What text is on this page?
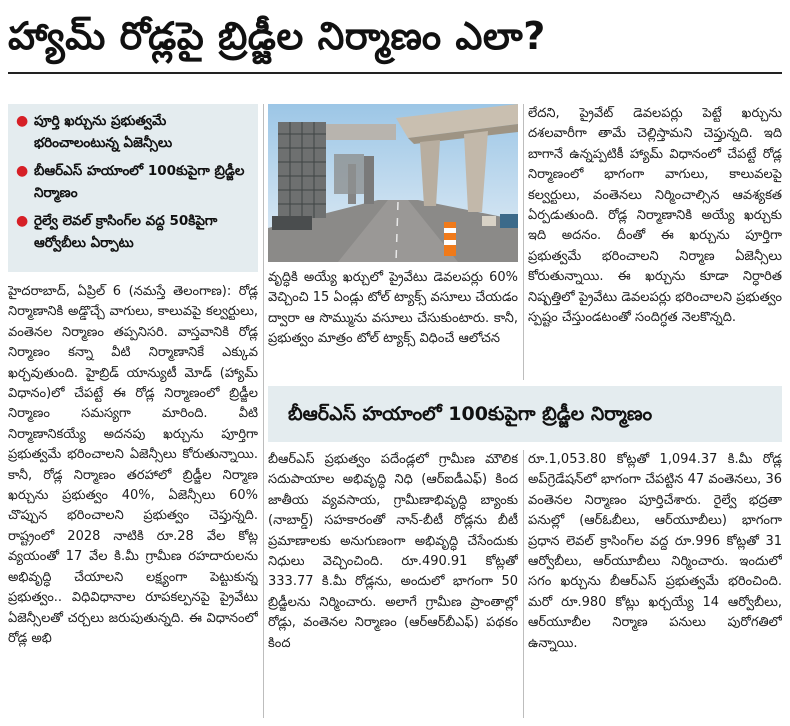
హ్యామ్ రోడ్లపై బ్రిడ్జీల నిర్మాణం ఎలా?
● పూర్తి ఖర్చును ప్రభుత్వమే భరించాలంటున్న ఏజెన్సీలు
● బీఆర్ఎస్ హయాంలో 100కుపైగా బ్రిడ్జీల నిర్మాణం
● రైల్వే లెవల్ క్రాసింగ్‌ల వద్ద 50కిపైగా ఆర్వోబీలు ఏర్పాటు

హైదరాబాద్, ఏప్రిల్ 6 (నమస్తే తెలంగాణ): రోడ్ల నిర్మాణానికి అడ్డొచ్చే వాగులు, కాలువపై కల్వర్టులు, వంతెనల నిర్మాణం తప్పనిసరి. వాస్తవానికి రోడ్ల నిర్మాణం కన్నా వీటి నిర్మాణానికే ఎక్కువ ఖర్చవుతుంది. హైబ్రిడ్ యాన్యుటీ మోడ్ (హ్యామ్ విధానం)లో చేపట్టే ఈ రోడ్ల నిర్మాణంలో బ్రిడ్జీల నిర్మాణం సమస్యగా మారింది. వీటి నిర్మాణానికయ్యే అదనపు ఖర్చును పూర్తిగా ప్రభుత్వమే భరించాలని ఏజెన్సీలు కోరుతున్నాయి. కానీ, రోడ్ల నిర్మాణం తరహాలో బ్రిడ్జీల నిర్మాణ ఖర్చును ప్రభుత్వం 40%, ఏజెన్సీలు 60% చొప్పున భరించాలని ప్రభుత్వం చెప్తున్నది. రాష్ట్రంలో 2028 నాటికి రూ.28 వేల కోట్ల వ్యయంతో 17 వేల కి.మీ గ్రామీణ రహదారులను అభివృద్ధి చేయాలని లక్ష్యంగా పెట్టుకున్న ప్రభుత్వం.. విధివిధానాల రూపకల్పనపై ప్రైవేటు ఏజెన్సీలతో చర్చలు జరుపుతున్నది. ఈ విధానంలో రోడ్ల అభి

వృద్ధికి అయ్యే ఖర్చులో ప్రైవేటు డెవలపర్లు 60% వెచ్చించి 15 ఏండ్లు టోల్ ట్యాక్స్ వసూలు చేయడం ద్వారా ఆ సొమ్మును వసూలు చేసుకుంటారు. కానీ, ప్రభుత్వం మాత్రం టోల్ ట్యాక్స్ విధించే ఆలోచన

లేదని, ప్రైవేట్ డెవలపర్లు పెట్టే ఖర్చును దశలవారీగా తామే చెల్లిస్తామని చెప్తున్నది. ఇది బాగానే ఉన్నప్పటికీ హ్యామ్ విధానంలో చేపట్టే రోడ్ల నిర్మాణంలో భాగంగా వాగులు, కాలువలపై కల్వర్టులు, వంతెనలు నిర్మించాల్సిన ఆవశ్యకత ఏర్పడుతుంది. రోడ్ల నిర్మాణానికి అయ్యే ఖర్చుకు ఇది అదనం. దీంతో ఈ ఖర్చును పూర్తిగా ప్రభుత్వమే భరించాలని నిర్మాణ ఏజెన్సీలు కోరుతున్నాయి. ఈ ఖర్చును కూడా నిర్ధారిత నిష్పత్తిలో ప్రైవేటు డెవలపర్లు భరించాలని ప్రభుత్వం స్పష్టం చేస్తుండటంతో సందిగ్ధత నెలకొన్నది.

బీఆర్ఎస్ హయాంలో 100కుపైగా బ్రిడ్జీల నిర్మాణం

బీఆర్ఎస్ ప్రభుత్వం పదేండ్లలో గ్రామీణ మౌలిక సదుపాయాల అభివృద్ధి నిధి (ఆర్ఐడీఎఫ్) కింద జాతీయ వ్యవసాయ, గ్రామీణాభివృద్ధి బ్యాంకు (నాబార్డ్) సహకారంతో నాన్-బీటీ రోడ్లను బీటీ ప్రమాణాలకు అనుగుణంగా అభివృద్ధి చేసేందుకు నిధులు వెచ్చించింది. రూ.490.91 కోట్లతో 333.77 కి.మీ రోడ్లను, అందులో భాగంగా 50 బ్రిడ్జీలను నిర్మించారు. అలాగే గ్రామీణ ప్రాంతాల్లో రోడ్లు, వంతెనల నిర్మాణం (ఆర్ఆర్‌బీఎఫ్) పథకం కింద

రూ.1,053.80 కోట్లతో 1,094.37 కి.మీ రోడ్ల అప్‌గ్రెడేషన్‌లో భాగంగా చేపట్టిన 47 వంతెనలు, 36 వంతెనల నిర్మాణం పూర్తిచేశారు. రైల్వే భద్రతా పనుల్లో (ఆర్ఓబీలు, ఆర్‌యూబీలు) భాగంగా ప్రధాన లెవల్ క్రాసింగ్‌ల వద్ద రూ.996 కోట్లతో 31 ఆర్వోబీలు, ఆర్‌యూబీలు నిర్మించారు. ఇందులో సగం ఖర్చును బీఆర్ఎస్ ప్రభుత్వమే భరించింది. మరో రూ.980 కోట్లు ఖర్చయ్యే 14 ఆర్వోబీలు, ఆర్‌యూబీల నిర్మాణ పనులు పురోగతిలో ఉన్నాయి.
